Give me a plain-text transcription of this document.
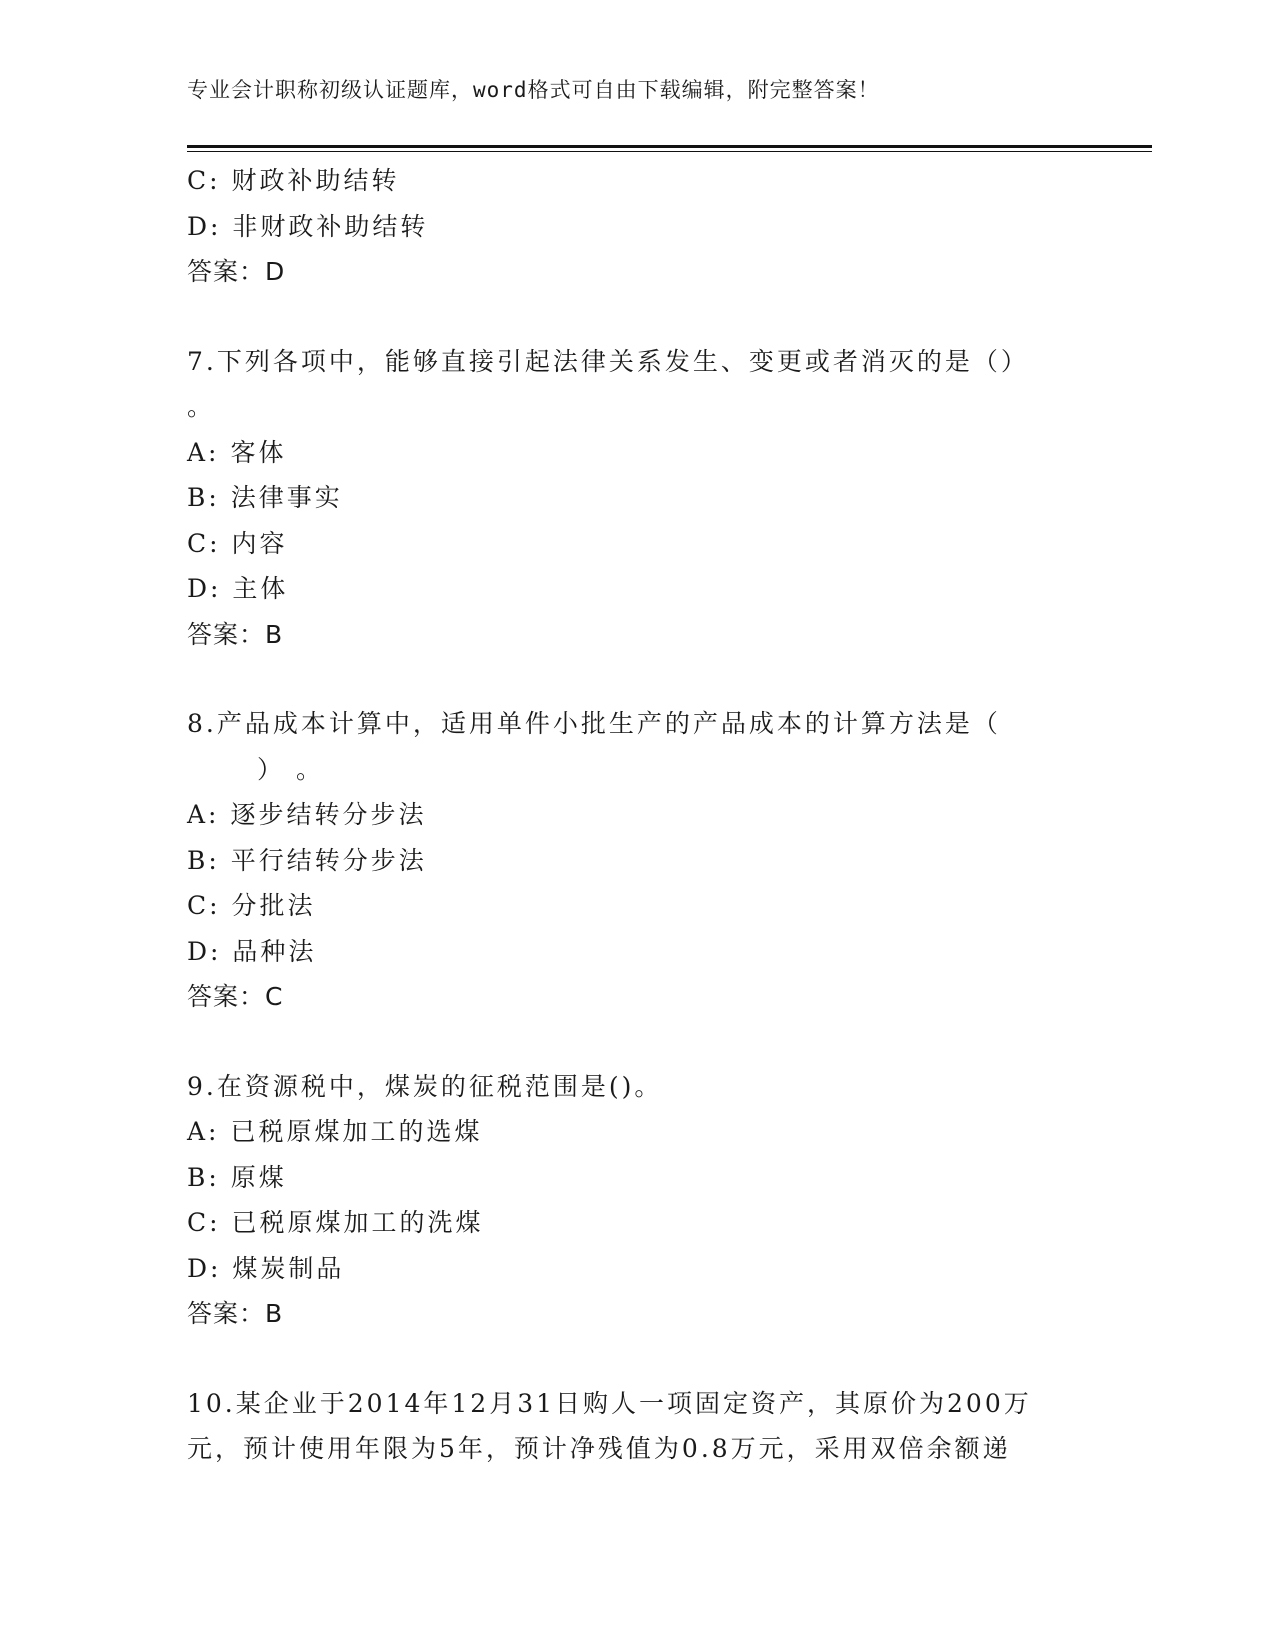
专业会计职称初级认证题库，word格式可自由下载编辑，附完整答案！
C: 财政补助结转
D: 非财政补助结转
答案：D
7.下列各项中，能够直接引起法律关系发生、变更或者消灭的是（）
。
A: 客体
B: 法律事实
C: 内容
D: 主体
答案：B
8.产品成本计算中，适用单件小批生产的产品成本的计算方法是（
） 。
A: 逐步结转分步法
B: 平行结转分步法
C: 分批法
D: 品种法
答案：C
9.在资源税中，煤炭的征税范围是()。
A: 已税原煤加工的选煤
B: 原煤
C: 已税原煤加工的洗煤
D: 煤炭制品
答案：B
10.某企业于2014年12月31日购人一项固定资产，其原价为200万
元，预计使用年限为5年，预计净残值为0.8万元，采用双倍余额递
